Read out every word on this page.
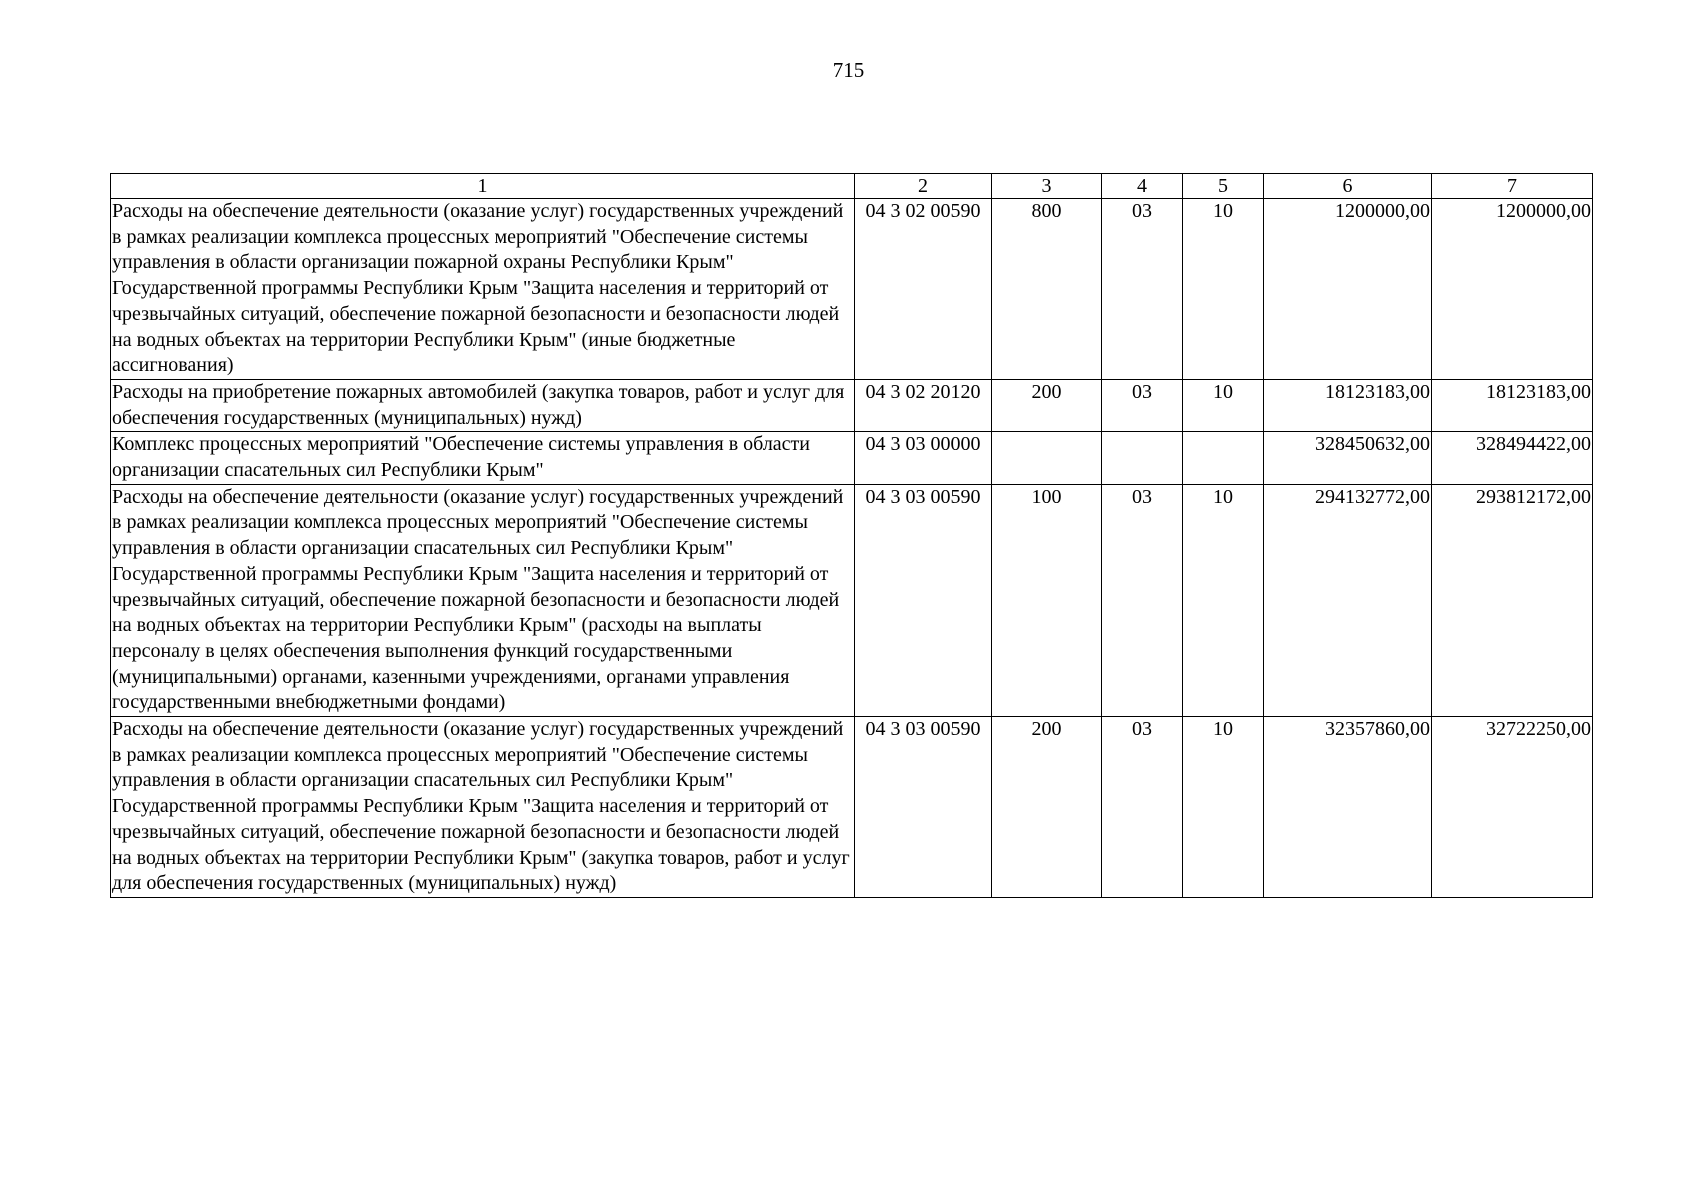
715
1	2	3	4	5	6	7
Расходы на обеспечение деятельности (оказание услуг) государственных учреждений в рамках реализации комплекса процессных мероприятий "Обеспечение системы управления в области организации пожарной охраны Республики Крым" Государственной программы Республики Крым "Защита населения и территорий от чрезвычайных ситуаций, обеспечение пожарной безопасности и безопасности людей на водных объектах на территории Республики Крым" (иные бюджетные ассигнования)	04 3 02 00590	800	03	10	1200000,00	1200000,00
Расходы на приобретение пожарных автомобилей (закупка товаров, работ и услуг для обеспечения государственных (муниципальных) нужд)	04 3 02 20120	200	03	10	18123183,00	18123183,00
Комплекс процессных мероприятий "Обеспечение системы управления в области организации спасательных сил Республики Крым"	04 3 03 00000				328450632,00	328494422,00
Расходы на обеспечение деятельности (оказание услуг) государственных учреждений в рамках реализации комплекса процессных мероприятий "Обеспечение системы управления в области организации спасательных сил Республики Крым" Государственной программы Республики Крым "Защита населения и территорий от чрезвычайных ситуаций, обеспечение пожарной безопасности и безопасности людей на водных объектах на территории Республики Крым" (расходы на выплаты персоналу в целях обеспечения выполнения функций государственными (муниципальными) органами, казенными учреждениями, органами управления государственными внебюджетными фондами)	04 3 03 00590	100	03	10	294132772,00	293812172,00
Расходы на обеспечение деятельности (оказание услуг) государственных учреждений в рамках реализации комплекса процессных мероприятий "Обеспечение системы управления в области организации спасательных сил Республики Крым" Государственной программы Республики Крым "Защита населения и территорий от чрезвычайных ситуаций, обеспечение пожарной безопасности и безопасности людей на водных объектах на территории Республики Крым" (закупка товаров, работ и услуг для обеспечения государственных (муниципальных) нужд)	04 3 03 00590	200	03	10	32357860,00	32722250,00
